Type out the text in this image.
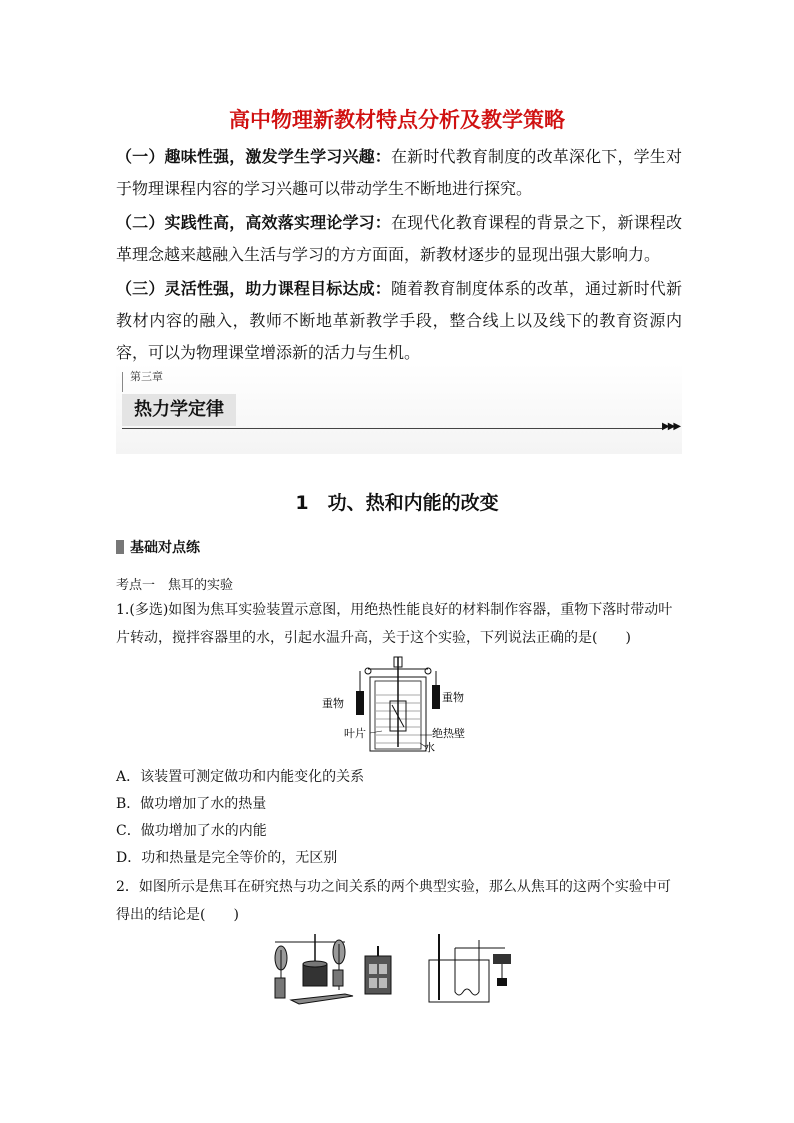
高中物理新教材特点分析及教学策略

（一）趣味性强，激发学生学习兴趣：在新时代教育制度的改革深化下，学生对于物理课程内容的学习兴趣可以带动学生不断地进行探究。

（二）实践性高，高效落实理论学习：在现代化教育课程的背景之下，新课程改革理念越来越融入生活与学习的方方面面，新教材逐步的显现出强大影响力。

（三）灵活性强，助力课程目标达成：随着教育制度体系的改革，通过新时代新教材内容的融入，教师不断地革新教学手段，整合线上以及线下的教育资源内容，可以为物理课堂增添新的活力与生机。

第三章
热力学定律
▶▶▶
1　功、热和内能的改变
基础对点练
考点一　焦耳的实验

1.(多选)如图为焦耳实验装置示意图，用绝热性能良好的材料制作容器，重物下落时带动叶片转动，搅拌容器里的水，引起水温升高，关于这个实验，下列说法正确的是(　　)

重物	重物
叶片	绝热壁
水
A．该装置可测定做功和内能变化的关系
B．做功增加了水的热量
C．做功增加了水的内能
D．功和热量是完全等价的，无区别

2．如图所示是焦耳在研究热与功之间关系的两个典型实验，那么从焦耳的这两个实验中可得出的结论是(　　)
